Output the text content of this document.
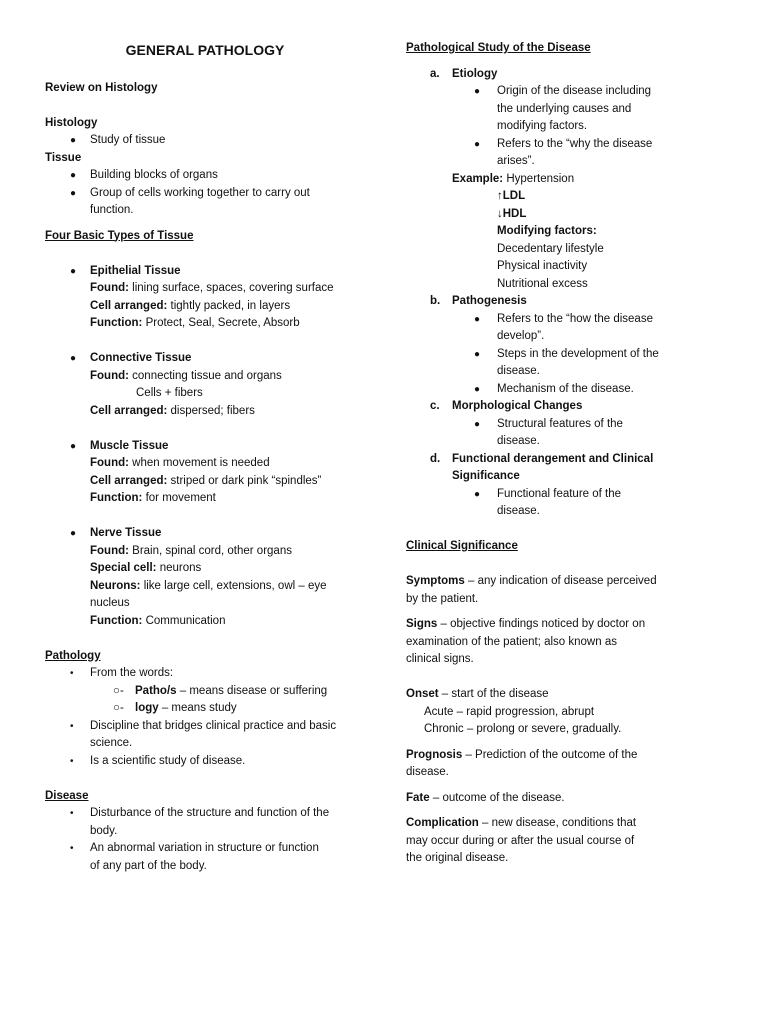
GENERAL PATHOLOGY
Review on Histology
Histology
● Study of tissue
Tissue
● Building blocks of organs
● Group of cells working together to carry out
function.
Four Basic Types of Tissue
● Epithelial Tissue
Found: lining surface, spaces, covering surface
Cell arranged: tightly packed, in layers
Function: Protect, Seal, Secrete, Absorb
● Connective Tissue
Found: connecting tissue and organs
Cells + fibers
Cell arranged: dispersed; fibers
● Muscle Tissue
Found: when movement is needed
Cell arranged: striped or dark pink “spindles”
Function: for movement
● Nerve Tissue
Found: Brain, spinal cord, other organs
Special cell: neurons
Neurons: like large cell, extensions, owl – eye
nucleus
Function: Communication
Pathology
• From the words:
○- Patho/s – means disease or suffering
○- logy – means study
• Discipline that bridges clinical practice and basic
science.
• Is a scientific study of disease.
Disease
• Disturbance of the structure and function of the
body.
• An abnormal variation in structure or function
of any part of the body.
Pathological Study of the Disease
a. Etiology
● Origin of the disease including
the underlying causes and
modifying factors.
● Refers to the “why the disease
arises”.
Example: Hypertension
↑LDL
↓HDL
Modifying factors:
Decedentary lifestyle
Physical inactivity
Nutritional excess
b. Pathogenesis
● Refers to the “how the disease
develop”.
● Steps in the development of the
disease.
● Mechanism of the disease.
c. Morphological Changes
● Structural features of the
disease.
d. Functional derangement and Clinical
Significance
● Functional feature of the
disease.
Clinical Significance
Symptoms – any indication of disease perceived
by the patient.
Signs – objective findings noticed by doctor on
examination of the patient; also known as
clinical signs.
Onset – start of the disease
Acute – rapid progression, abrupt
Chronic – prolong or severe, gradually.
Prognosis – Prediction of the outcome of the
disease.
Fate – outcome of the disease.
Complication – new disease, conditions that
may occur during or after the usual course of
the original disease.
